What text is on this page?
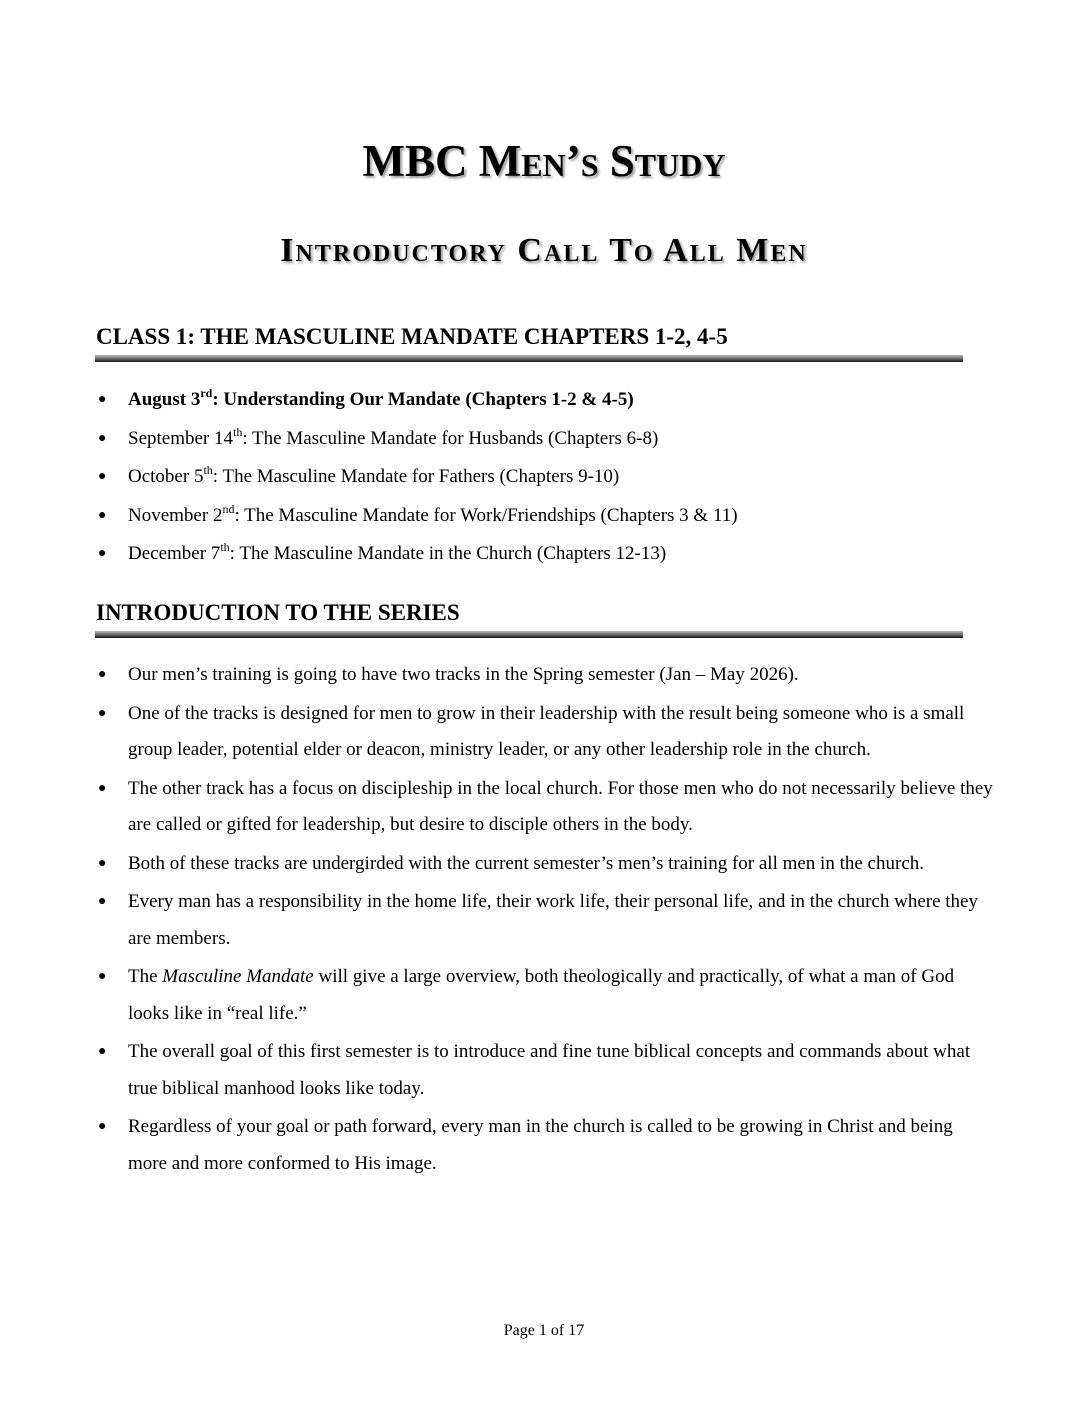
MBC Men’s Study
Introductory Call To All Men
CLASS 1: THE MASCULINE MANDATE CHAPTERS 1-2, 4-5
● August 3rd: Understanding Our Mandate (Chapters 1-2 & 4-5)
● September 14th: The Masculine Mandate for Husbands (Chapters 6-8)
● October 5th: The Masculine Mandate for Fathers (Chapters 9-10)
● November 2nd: The Masculine Mandate for Work/Friendships (Chapters 3 & 11)
● December 7th: The Masculine Mandate in the Church (Chapters 12-13)
INTRODUCTION TO THE SERIES
● Our men’s training is going to have two tracks in the Spring semester (Jan – May 2026).
● One of the tracks is designed for men to grow in their leadership with the result being someone who is a small group leader, potential elder or deacon, ministry leader, or any other leadership role in the church.
● The other track has a focus on discipleship in the local church. For those men who do not necessarily believe they are called or gifted for leadership, but desire to disciple others in the body.
● Both of these tracks are undergirded with the current semester’s men’s training for all men in the church.
● Every man has a responsibility in the home life, their work life, their personal life, and in the church where they are members.
● The Masculine Mandate will give a large overview, both theologically and practically, of what a man of God looks like in “real life.”
● The overall goal of this first semester is to introduce and fine tune biblical concepts and commands about what true biblical manhood looks like today.
● Regardless of your goal or path forward, every man in the church is called to be growing in Christ and being more and more conformed to His image.
Page 1 of 17
